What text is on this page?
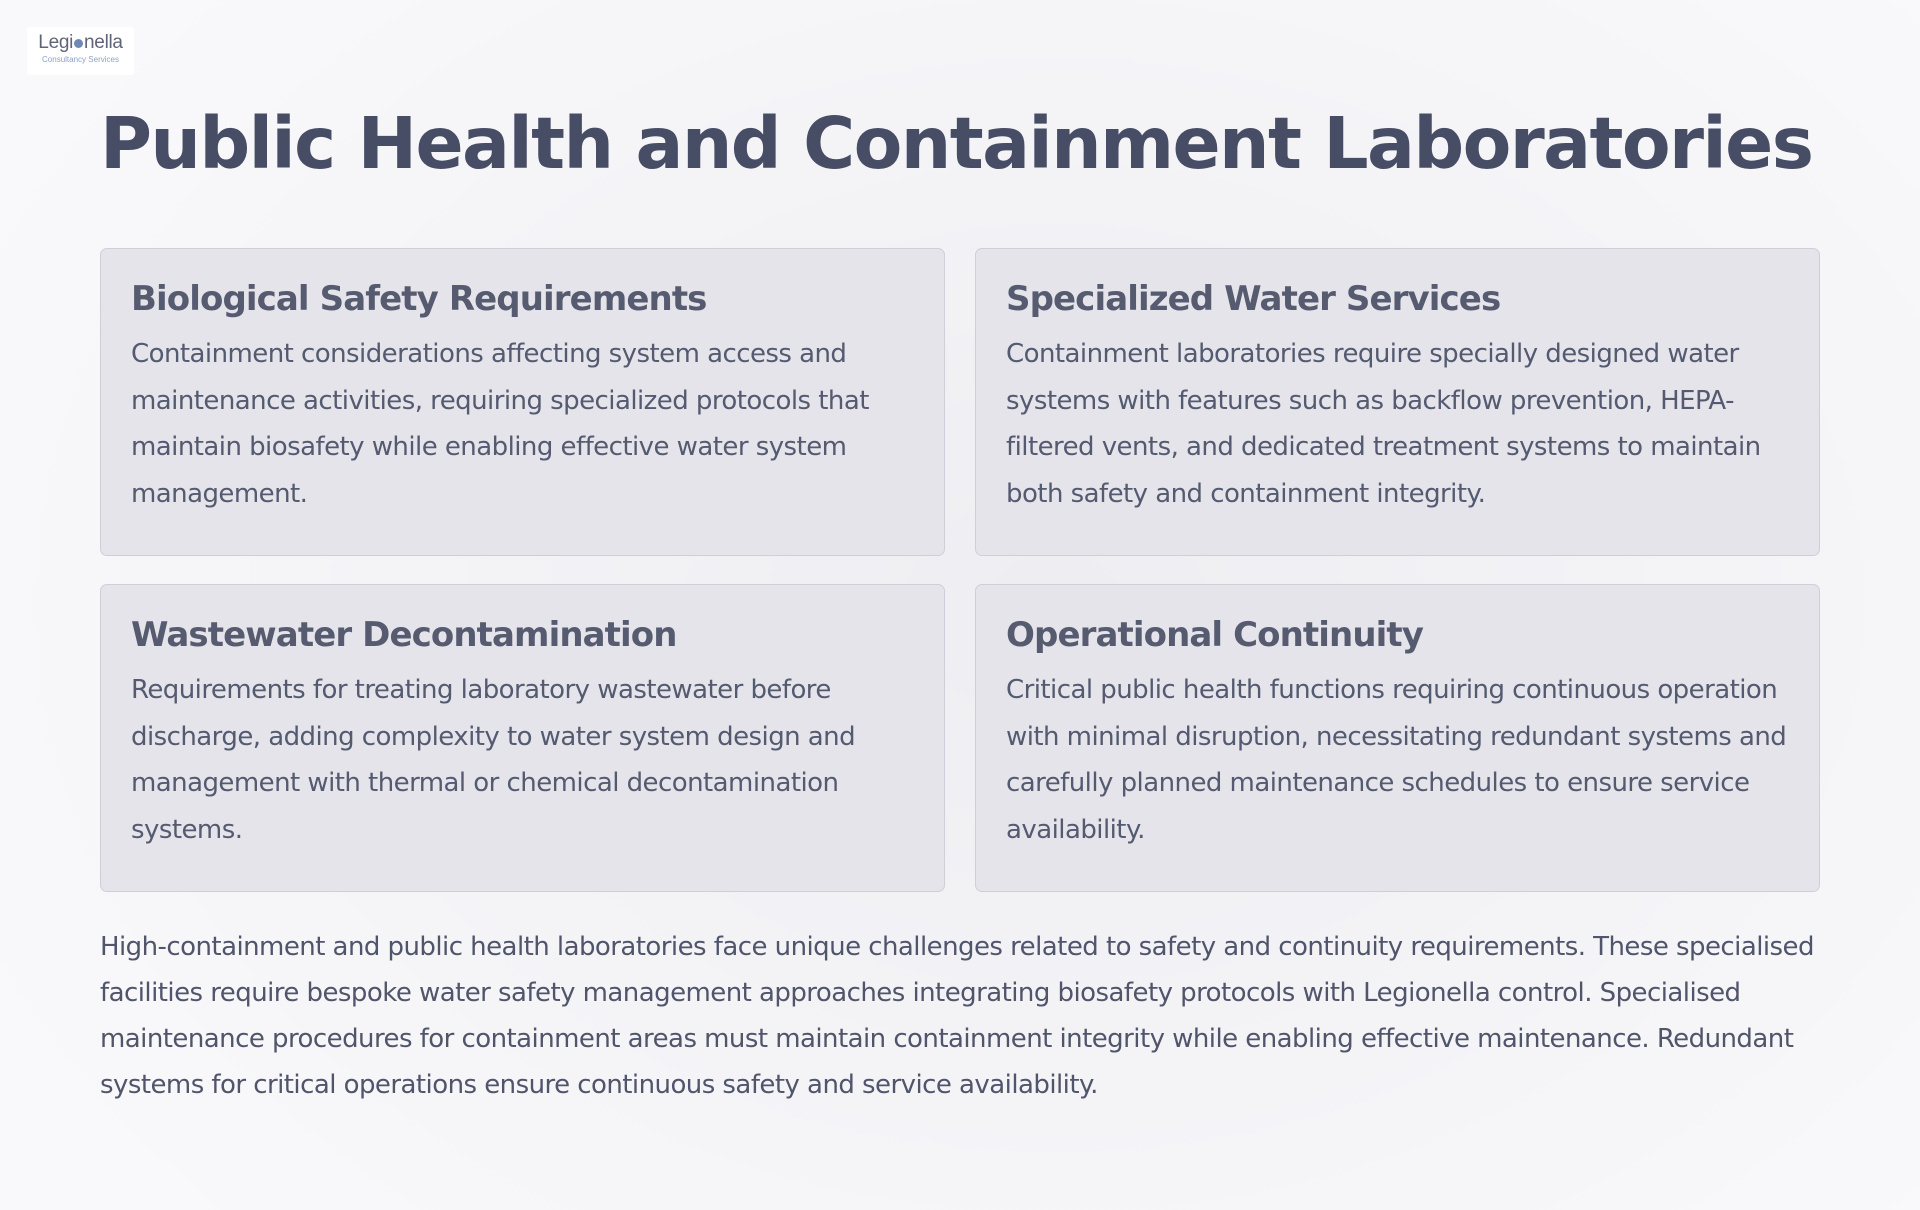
Legi nella
Consultancy Services
Public Health and Containment Laboratories
Biological Safety Requirements

Containment considerations affecting system access and maintenance activities, requiring specialized protocols that maintain biosafety while enabling effective water system management.

Specialized Water Services

Containment laboratories require specially designed water systems with features such as backflow prevention, HEPA-filtered vents, and dedicated treatment systems to maintain both safety and containment integrity.

Wastewater Decontamination

Requirements for treating laboratory wastewater before discharge, adding complexity to water system design and management with thermal or chemical decontamination systems.

Operational Continuity

Critical public health functions requiring continuous operation with minimal disruption, necessitating redundant systems and carefully planned maintenance schedules to ensure service availability.

High-containment and public health laboratories face unique challenges related to safety and continuity requirements. These specialised facilities require bespoke water safety management approaches integrating biosafety protocols with Legionella control. Specialised maintenance procedures for containment areas must maintain containment integrity while enabling effective maintenance. Redundant systems for critical operations ensure continuous safety and service availability.
